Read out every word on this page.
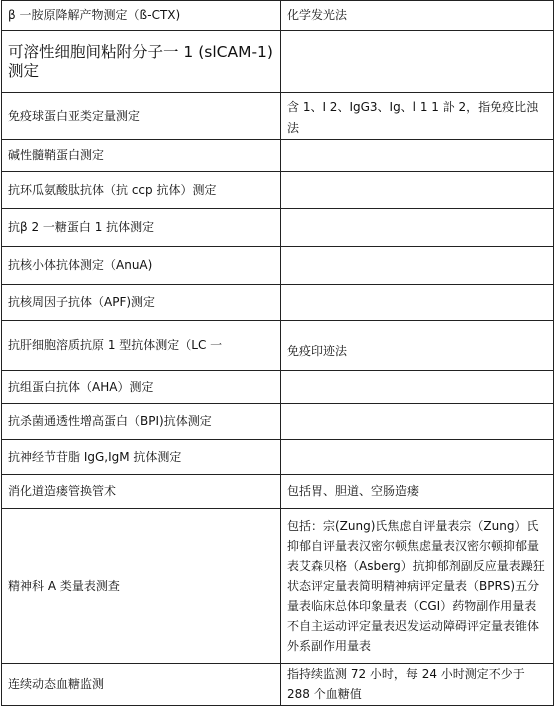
β 一胺原降解产物测定（ß-CTX)	化学发光法
可溶性细胞间粘附分子一 1 (slCAM-1) 测定	
免疫球蛋白亚类定量测定	含 1、I 2、IgG3、Ig、l 1 1 訃 2，指免疫比浊法
碱性髓鞘蛋白测定	
抗环瓜氨酸肽抗体（抗 ccp 抗体）测定	
抗β 2 一糖蛋白 1 抗体测定	
抗核小体抗体测定（AnuA)	
抗核周因子抗体（APF)测定	
抗肝细胞溶质抗原 1 型抗体测定（LC 一	免疫印迹法
抗组蛋白抗体（AHA）测定	
抗杀菌通透性增高蛋白（BPI)抗体测定	
抗神经节苷脂 IgG,IgM 抗体测定	
消化道造瘘管换管术	包括胃、胆道、空肠造瘘
精神科 A 类量表测查	包括：宗(Zung)氏焦虑自评量表宗（Zung）氏抑郁自评量表汉密尔顿焦虑量表汉密尔顿抑郁量表艾森贝格（Asberg）抗抑郁剂副反应量表躁狂状态评定量表简明精神病评定量表（BPRS)五分量表临床总体印象量表（CGI）药物副作用量表不自主运动评定量表迟发运动障碍评定量表锥体外系副作用量表
连续动态血糖监测	指持续监测 72 小时，每 24 小时测定不少于 288 个血糖值
